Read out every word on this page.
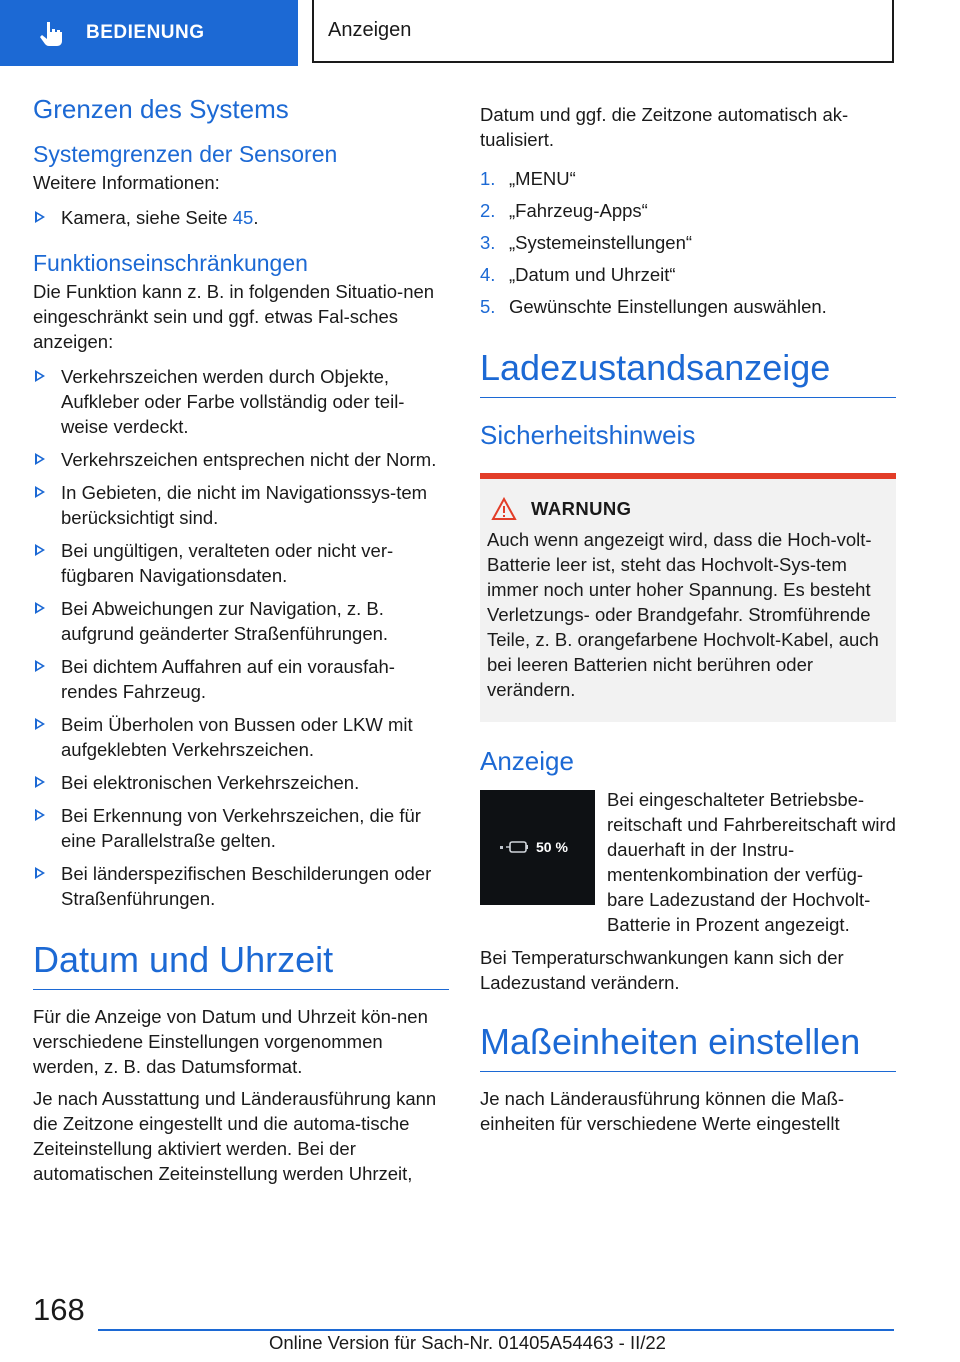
BEDIENUNG	Anzeigen
Grenzen des Systems
Systemgrenzen der Sensoren

Weitere Informationen:

Kamera, siehe Seite 45.
Funktionseinschränkungen

Die Funktion kann z. B. in folgenden Situatio-nen eingeschränkt sein und ggf. etwas Fal-sches anzeigen:

Verkehrszeichen werden durch Objekte, Aufkleber oder Farbe vollständig oder teil-weise verdeckt.
Verkehrszeichen entsprechen nicht der Norm.
In Gebieten, die nicht im Navigationssys-tem berücksichtigt sind.
Bei ungültigen, veralteten oder nicht ver-fügbaren Navigationsdaten.
Bei Abweichungen zur Navigation, z. B. aufgrund geänderter Straßenführungen.
Bei dichtem Auffahren auf ein vorausfah-rendes Fahrzeug.
Beim Überholen von Bussen oder LKW mit aufgeklebten Verkehrszeichen.
Bei elektronischen Verkehrszeichen.
Bei Erkennung von Verkehrszeichen, die für eine Parallelstraße gelten.
Bei länderspezifischen Beschilderungen oder Straßenführungen.
Datum und Uhrzeit

Für die Anzeige von Datum und Uhrzeit kön-nen verschiedene Einstellungen vorgenommen werden, z. B. das Datumsformat.

Je nach Ausstattung und Länderausführung kann die Zeitzone eingestellt und die automa-tische Zeiteinstellung aktiviert werden. Bei der automatischen Zeiteinstellung werden Uhrzeit,

Datum und ggf. die Zeitzone automatisch ak-tualisiert.

1. „MENU“
2. „Fahrzeug-Apps“
3. „Systemeinstellungen“
4. „Datum und Uhrzeit“
5. Gewünschte Einstellungen auswählen.
Ladezustandsanzeige
Sicherheitshinweis
WARNUNG

Auch wenn angezeigt wird, dass die Hoch-volt-Batterie leer ist, steht das Hochvolt-Sys-tem immer noch unter hoher Spannung. Es besteht Verletzungs- oder Brandgefahr. Stromführende Teile, z. B. orangefarbene Hochvolt-Kabel, auch bei leeren Batterien nicht berühren oder verändern.

Anzeige
50 %

Bei eingeschalteter Betriebsbe-reitschaft und Fahrbereitschaft wird dauerhaft in der Instru-mentenkombination der verfüg-bare Ladezustand der Hochvolt-Batterie in Prozent angezeigt.

Bei Temperaturschwankungen kann sich der Ladezustand verändern.

Maßeinheiten einstellen

Je nach Länderausführung können die Maß-einheiten für verschiedene Werte eingestellt

168
Online Version für Sach-Nr. 01405A54463 - II/22
